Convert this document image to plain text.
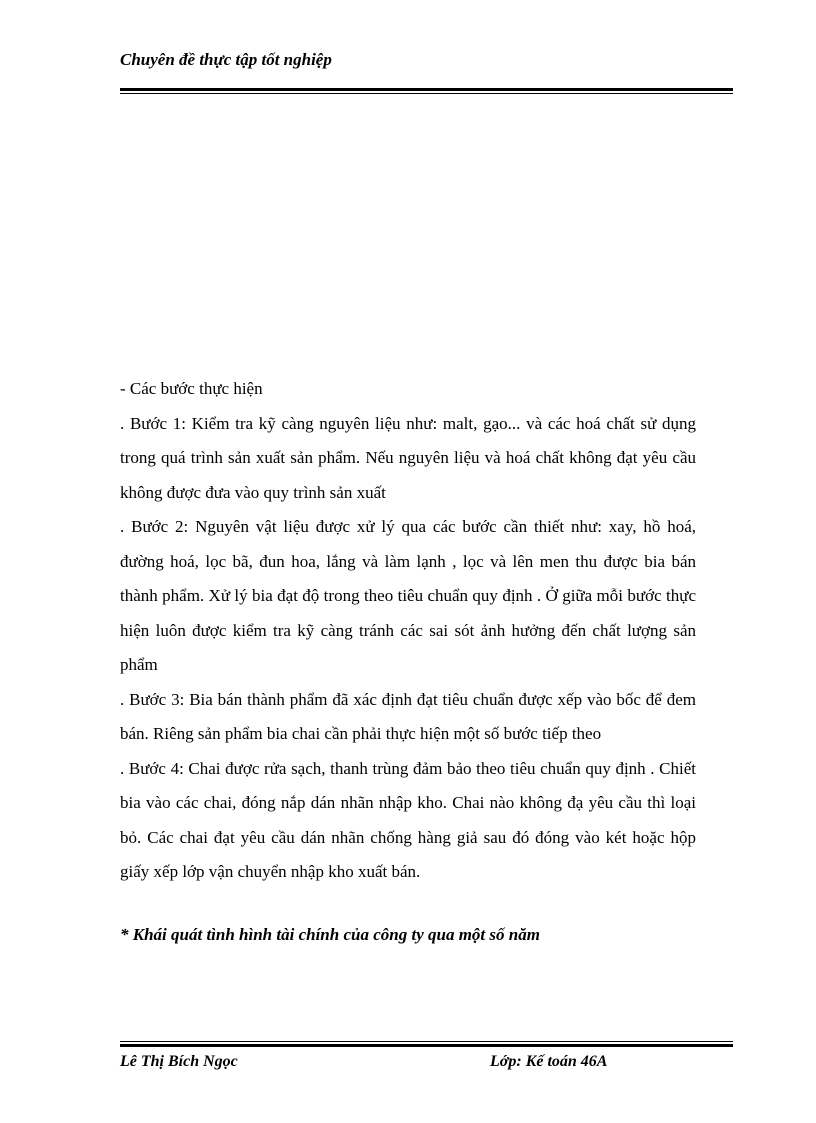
Chuyên đề thực tập tốt nghiệp

- Các bước thực hiện

. Bước 1: Kiểm tra kỹ càng nguyên liệu như: malt, gạo... và các hoá chất sử dụng trong quá trình sản xuất sản phẩm. Nếu nguyên liệu và hoá chất không đạt yêu cầu không được đưa vào quy trình sản xuất

. Bước 2: Nguyên vật liệu được xử lý qua các bước cần thiết như: xay, hồ hoá, đường hoá, lọc bã, đun hoa, lắng và làm lạnh , lọc và lên men thu được bia bán thành phẩm. Xử lý bia đạt độ trong theo tiêu chuẩn quy định . Ở giữa mỗi bước thực hiện luôn được kiểm tra kỹ càng tránh các sai sót ảnh hưởng đến chất lượng sản phẩm

. Bước 3: Bia bán thành phẩm đã xác định đạt tiêu chuẩn được xếp vào bốc để đem bán. Riêng sản phẩm bia chai cần phải thực hiện một số bước tiếp theo

. Bước 4: Chai được rửa sạch, thanh trùng đảm bảo theo tiêu chuẩn quy định . Chiết bia vào các chai, đóng nắp dán nhãn nhập kho. Chai nào không đạ yêu cầu thì loại bỏ. Các chai đạt yêu cầu dán nhãn chống hàng giả sau đó đóng vào két hoặc hộp giấy xếp lớp vận chuyển nhập kho xuất bán.

* Khái quát tình hình tài chính của công ty qua một số năm
Lê Thị Bích Ngọc	Lớp: Kế toán 46A
